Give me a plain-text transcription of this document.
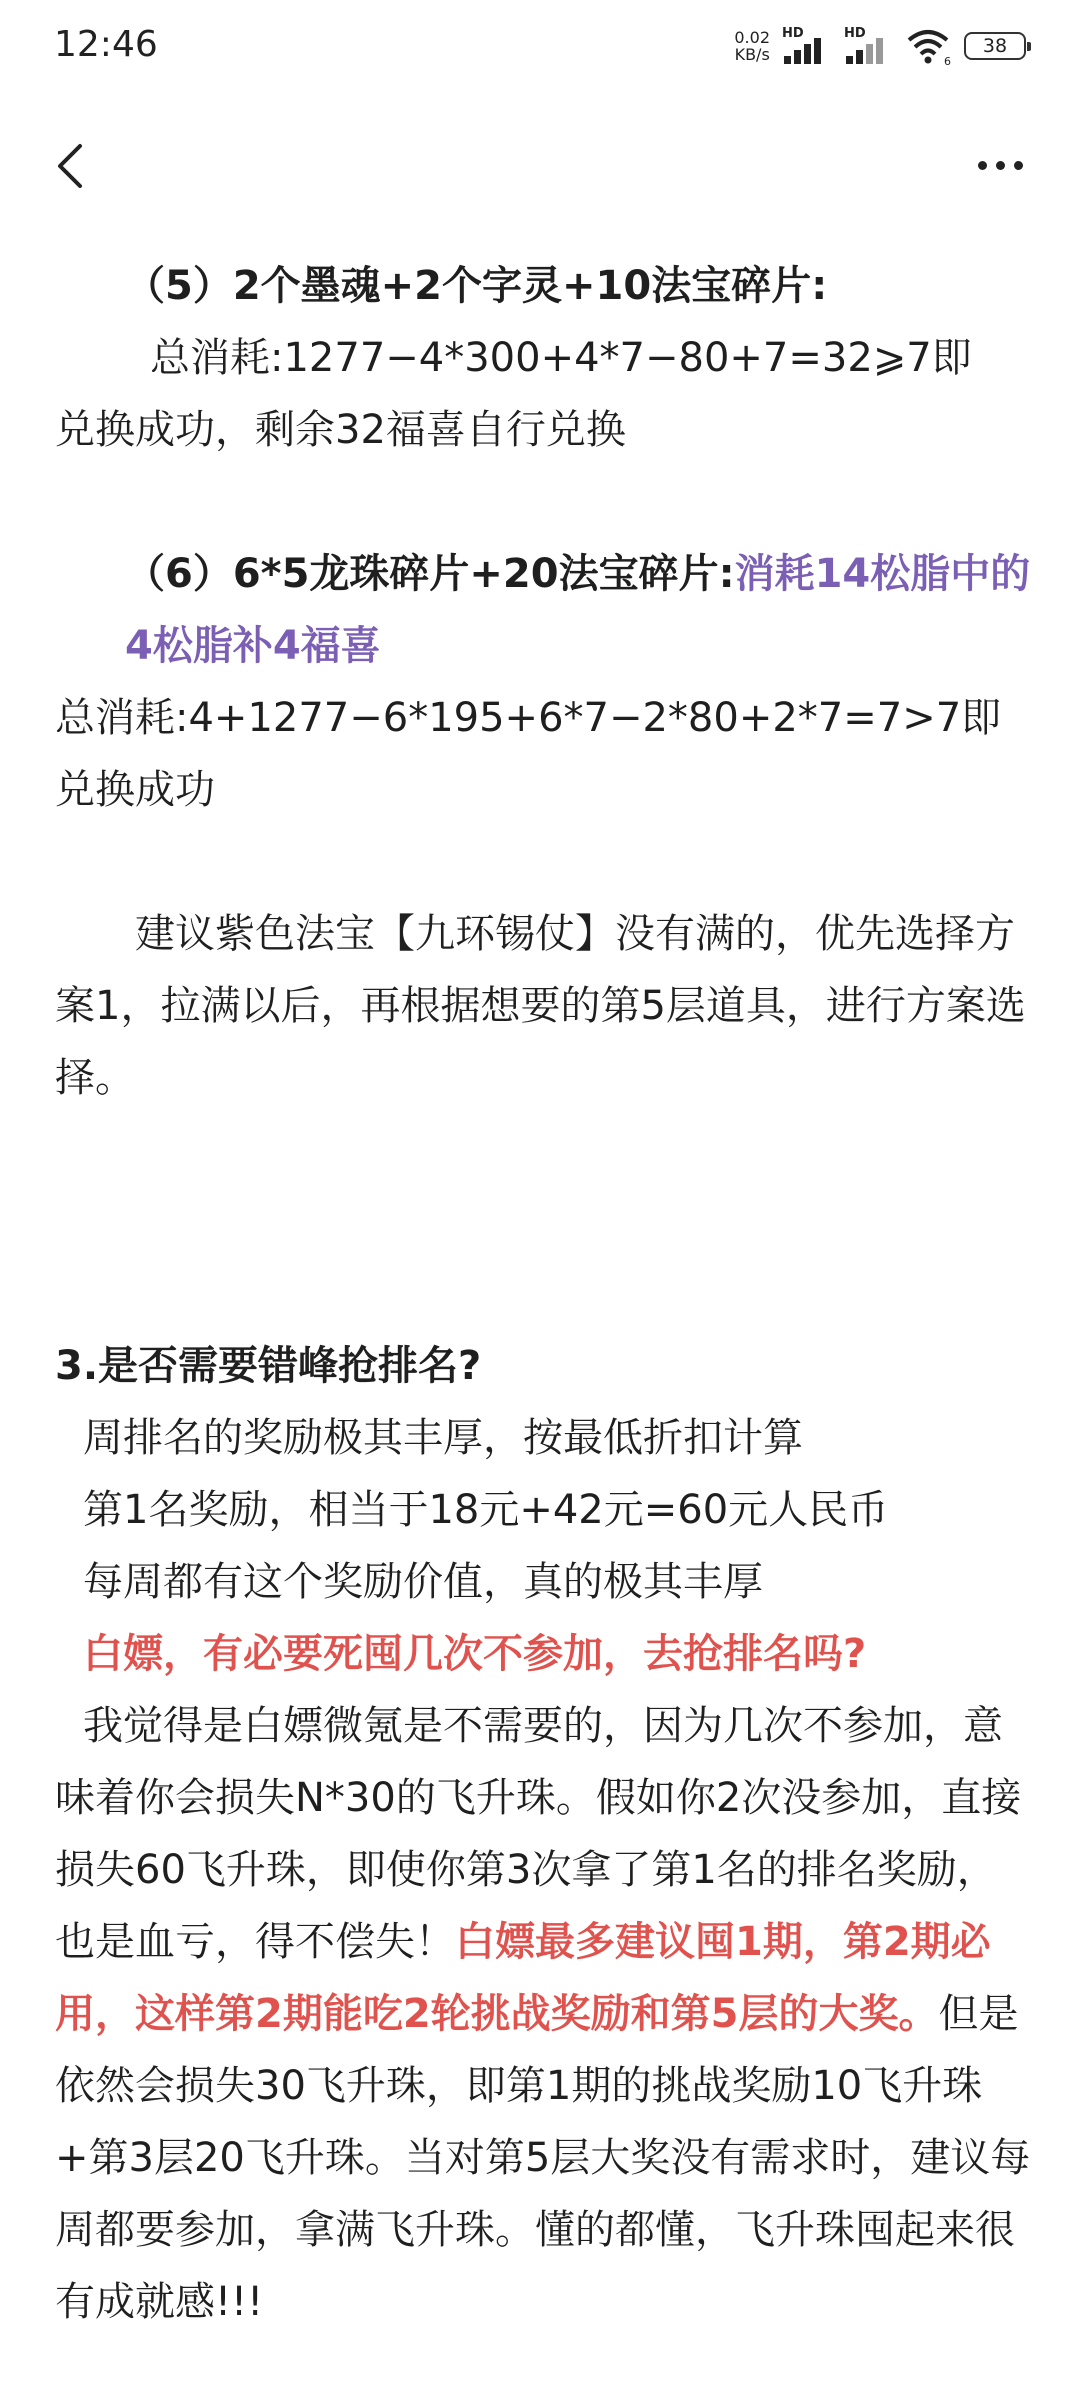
12:46	0.02
KB/s
HD	HD
6
38

（5）2个墨魂+2个字灵+10法宝碎片:

总消耗:1277−4*300+4*7−80+7=32⩾7即

兑换成功，剩余32福喜自行兑换

（6）6*5龙珠碎片+20法宝碎片:消耗14松脂中的4松脂补4福喜

总消耗:4+1277−6*195+6*7−2*80+2*7=7>7即

兑换成功

建议紫色法宝【九环锡仗】没有满的，优先选择方案1，拉满以后，再根据想要的第5层道具，进行方案选择。

3.是否需要错峰抢排名?

周排名的奖励极其丰厚，按最低折扣计算

第1名奖励，相当于18元+42元=60元人民币

每周都有这个奖励价值，真的极其丰厚

白嫖，有必要死囤几次不参加，去抢排名吗?

我觉得是白嫖微氪是不需要的，因为几次不参加，意味着你会损失N*30的飞升珠。假如你2次没参加，直接损失60飞升珠，即使你第3次拿了第1名的排名奖励，也是血亏，得不偿失！白嫖最多建议囤1期，第2期必用，这样第2期能吃2轮挑战奖励和第5层的大奖。但是依然会损失30飞升珠，即第1期的挑战奖励10飞升珠+第3层20飞升珠。当对第5层大奖没有需求时，建议每周都要参加，拿满飞升珠。懂的都懂，飞升珠囤起来很有成就感!!!
